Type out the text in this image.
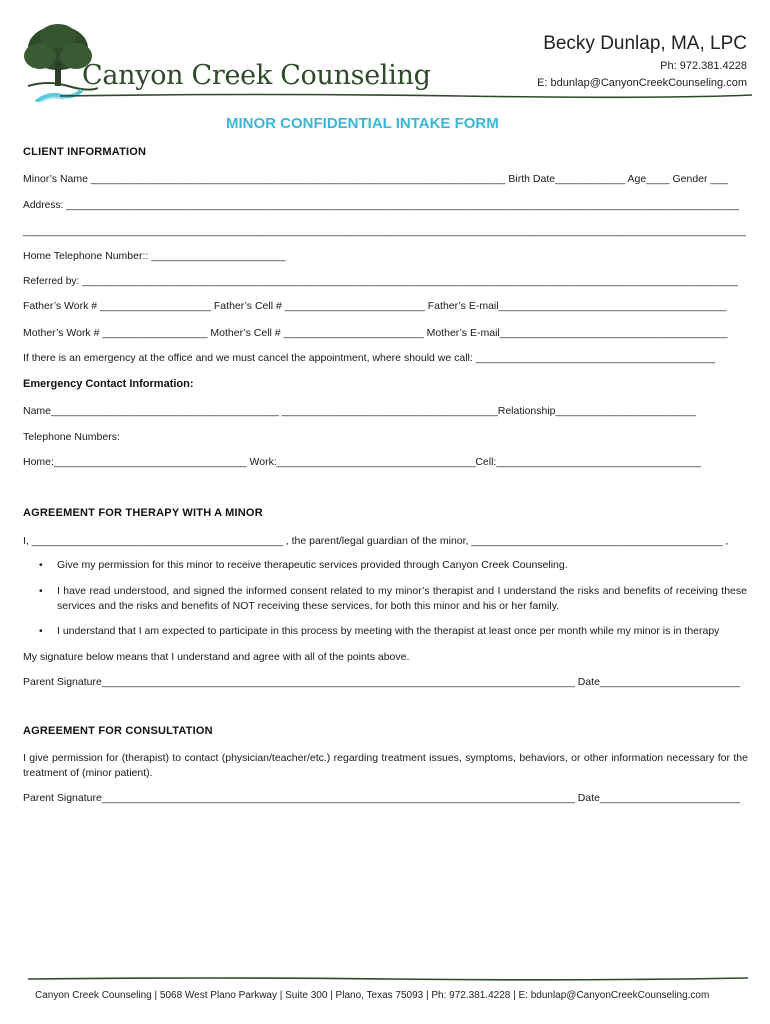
Canyon Creek Counseling
Becky Dunlap, MA, LPC
Ph: 972.381.4228
E: bdunlap@CanyonCreekCounseling.com
MINOR CONFIDENTIAL INTAKE FORM
CLIENT INFORMATION
Minor’s Name _______________________________________________________________________ Birth Date____________ Age____ Gender ___
Address: ______________________________________________________________________________________________________________________
__________________________________________________________________________________________________________________________________
Home Telephone Number:: _______________________
Referred by: ___________________________________________________________________________________________________________________
Father’s Work # ___________________ Father’s Cell # ________________________ Father’s E-mail_______________________________________
Mother’s Work # __________________ Mother’s Cell # ________________________ Mother’s E-mail_______________________________________
If there is an emergency at the office and we must cancel the appointment, where should we call: _________________________________________
Emergency Contact Information:
Name_______________________________________ _____________________________________Relationship________________________
Telephone Numbers:
Home:_________________________________ Work:__________________________________Cell:___________________________________
AGREEMENT FOR THERAPY WITH A MINOR
I, ___________________________________________ , the parent/legal guardian of the minor, ___________________________________________ ,
• Give my permission for this minor to receive therapeutic services provided through Canyon Creek Counseling.
• I have read understood, and signed the informed consent related to my minor’s therapist and I understand the risks and benefits of receiving these services and the risks and benefits of NOT receiving these services, for both this minor and his or her family.
• I understand that I am expected to participate in this process by meeting with the therapist at least once per month while my minor is in therapy
My signature below means that I understand and agree with all of the points above.
Parent Signature_________________________________________________________________________________ Date________________________
AGREEMENT FOR CONSULTATION
I give permission for (therapist) to contact (physician/teacher/etc.) regarding treatment issues, symptoms, behaviors, or other information necessary for the treatment of (minor patient).
Parent Signature_________________________________________________________________________________ Date________________________
Canyon Creek Counseling | 5068 West Plano Parkway | Suite 300 | Plano, Texas 75093 | Ph: 972.381.4228 | E: bdunlap@CanyonCreekCounseling.com
